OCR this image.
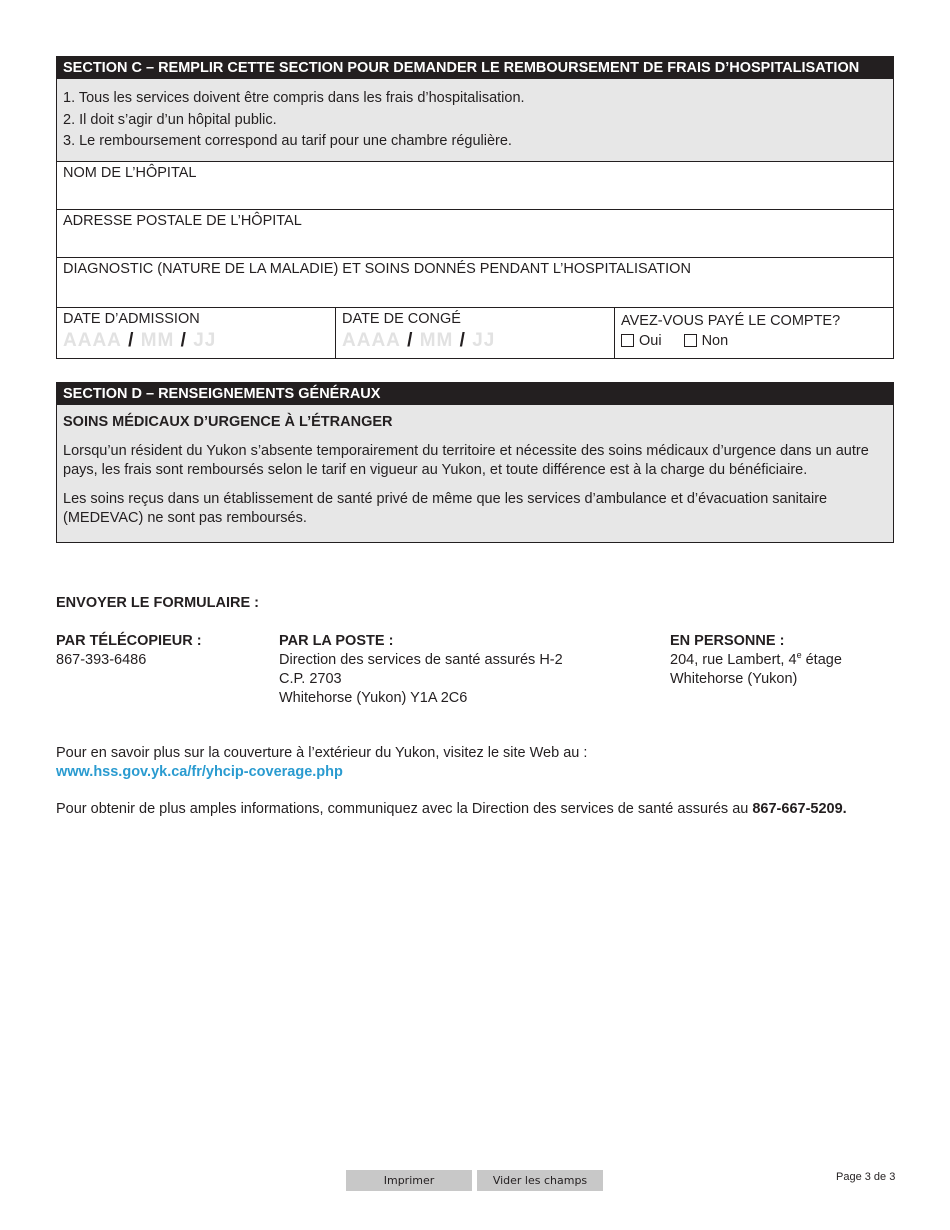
SECTION C – REMPLIR CETTE SECTION POUR DEMANDER LE REMBOURSEMENT DE FRAIS D’HOSPITALISATION
1. Tous les services doivent être compris dans les frais d’hospitalisation.
2. Il doit s’agir d’un hôpital public.
3. Le remboursement correspond au tarif pour une chambre régulière.
NOM DE L’HÔPITAL
ADRESSE POSTALE DE L’HÔPITAL
DIAGNOSTIC (NATURE DE LA MALADIE) ET SOINS DONNÉS PENDANT L’HOSPITALISATION
DATE D’ADMISSION
AAAA / MM / JJ
DATE DE CONGÉ
AAAA / MM / JJ
AVEZ-VOUS PAYÉ LE COMPTE?
Oui	Non
SECTION D – RENSEIGNEMENTS GÉNÉRAUX

SOINS MÉDICAUX D’URGENCE À L’ÉTRANGER

Lorsqu’un résident du Yukon s’absente temporairement du territoire et nécessite des soins médicaux d’urgence dans un autre pays, les frais sont remboursés selon le tarif en vigueur au Yukon, et toute différence est à la charge du bénéficiaire.

Les soins reçus dans un établissement de santé privé de même que les services d’ambulance et d’évacuation sanitaire (MEDEVAC) ne sont pas remboursés.

ENVOYER LE FORMULAIRE :
PAR TÉLÉCOPIEUR :
867-393-6486
PAR LA POSTE :
Direction des services de santé assurés H-2
C.P. 2703
Whitehorse (Yukon) Y1A 2C6
EN PERSONNE :
204, rue Lambert, 4e étage
Whitehorse (Yukon)
Pour en savoir plus sur la couverture à l’extérieur du Yukon, visitez le site Web au :
www.hss.gov.yk.ca/fr/yhcip-coverage.php
Pour obtenir de plus amples informations, communiquez avec la Direction des services de santé assurés au 867-667-5209.
Imprimer	Vider les champs	Page 3 de 3
